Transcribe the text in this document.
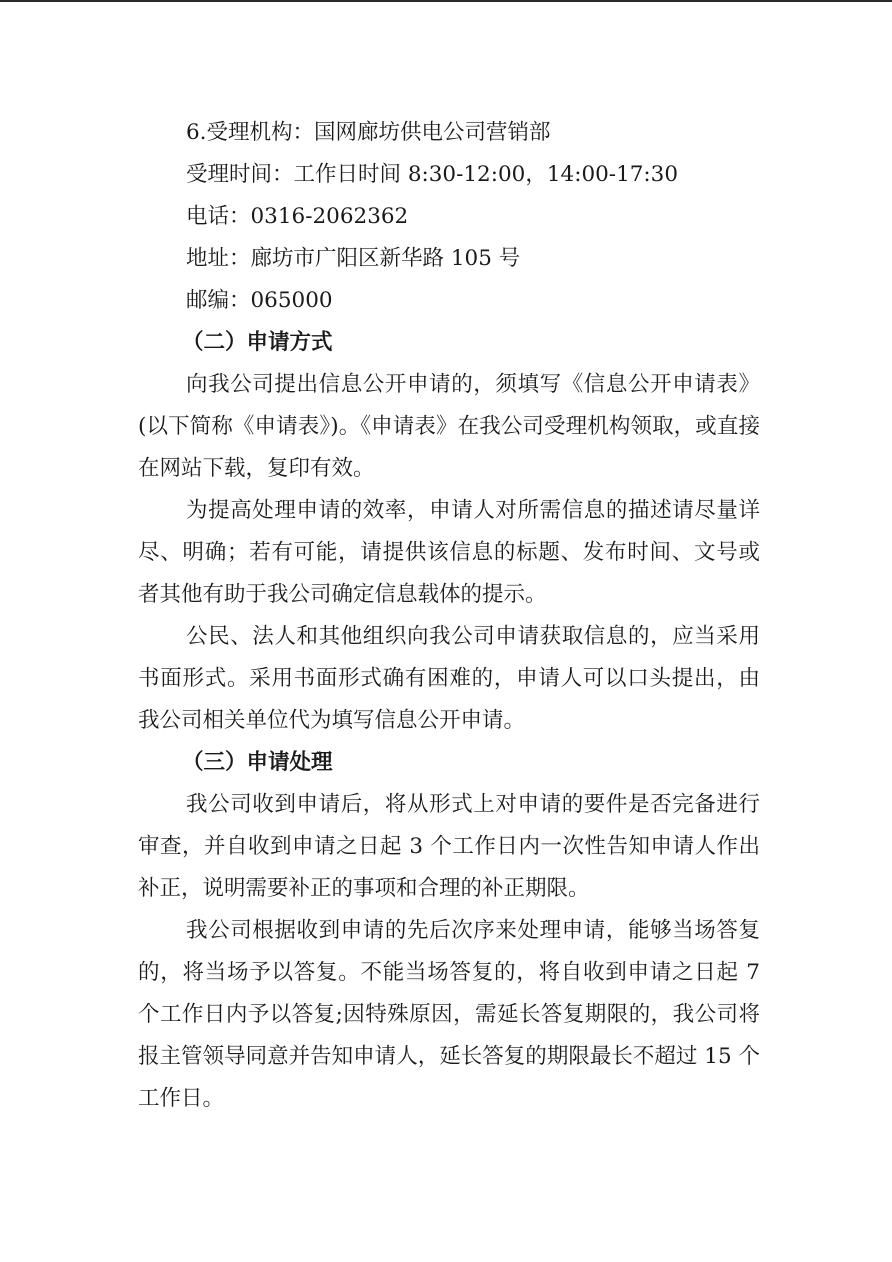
6.受理机构：国网廊坊供电公司营销部
受理时间：工作日时间 8:30-12:00，14:00-17:30
电话：0316-2062362
地址：廊坊市广阳区新华路 105 号
邮编：065000
（二）申请方式

向我公司提出信息公开申请的，须填写《信息公开申请表》(以下简称《申请表》)。《申请表》在我公司受理机构领取，或直接在网站下载，复印有效。

为提高处理申请的效率，申请人对所需信息的描述请尽量详尽、明确；若有可能，请提供该信息的标题、发布时间、文号或者其他有助于我公司确定信息载体的提示。

公民、法人和其他组织向我公司申请获取信息的，应当采用书面形式。采用书面形式确有困难的，申请人可以口头提出，由我公司相关单位代为填写信息公开申请。

（三）申请处理

我公司收到申请后，将从形式上对申请的要件是否完备进行审查，并自收到申请之日起 3 个工作日内一次性告知申请人作出补正，说明需要补正的事项和合理的补正期限。

我公司根据收到申请的先后次序来处理申请，能够当场答复的，将当场予以答复。不能当场答复的，将自收到申请之日起 7 个工作日内予以答复;因特殊原因，需延长答复期限的，我公司将报主管领导同意并告知申请人，延长答复的期限最长不超过 15 个工作日。
